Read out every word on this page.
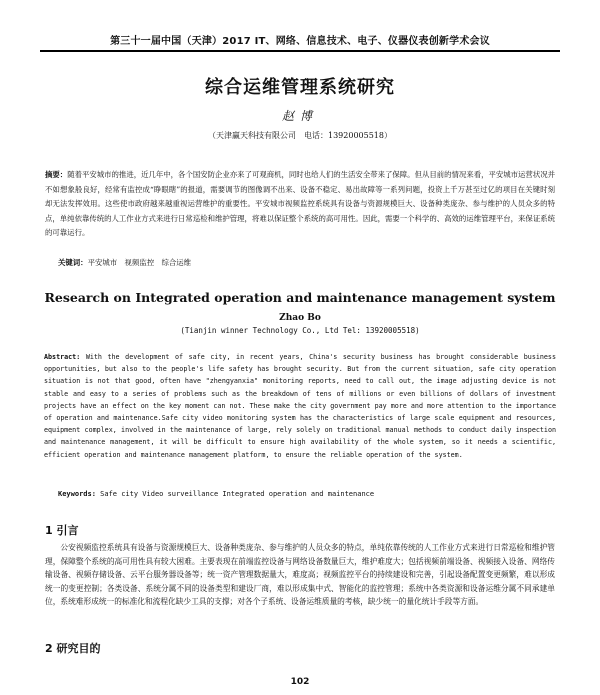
第三十一届中国（天津）2017 IT、网络、信息技术、电子、仪器仪表创新学术会议
综合运维管理系统研究
赵博
（天津赢天科技有限公司　电话：13920005518）
摘要：随着平安城市的推进，近几年中，各个国安防企业亦来了可观商机，同时也给人们的生活安全带来了保障。但从目前的情况来看，平安城市运营状况并不如想象般良好，经常有监控成“睁眼瞎”的报道，需要调节的图像调不出来、设备不稳定、易出故障等一系列问题，投资上千万甚至过亿的项目在关键时刻却无法发挥效用。这些使市政府越来越重视运营维护的重要性。平安城市视频监控系统具有设备与资源规模巨大、设备种类庞杂、参与维护的人员众多的特点，单纯依靠传统的人工作业方式来进行日常巡检和维护管理，将难以保证整个系统的高可用性。因此，需要一个科学的、高效的运维管理平台，来保证系统的可靠运行。
关键词：平安城市　视频监控　综合运维
Research on Integrated operation and maintenance management system
Zhao Bo
(Tianjin winner Technology Co., Ltd Tel: 13920005518)
Abstract: With the development of safe city, in recent years, China's security business has brought considerable business opportunities, but also to the people's life safety has brought security. But from the current situation, safe city operation situation is not that good, often have "zhengyanxia" monitoring reports, need to call out, the image adjusting device is not stable and easy to a series of problems such as the breakdown of tens of millions or even billions of dollars of investment projects have an effect on the key moment can not. These make the city government pay more and more attention to the importance of operation and maintenance.Safe city video monitoring system has the characteristics of large scale equipment and resources, equipment complex, involved in the maintenance of large, rely solely on traditional manual methods to conduct daily inspection and maintenance management, it will be difficult to ensure high availability of the whole system, so it needs a scientific, efficient operation and maintenance management platform, to ensure the reliable operation of the system.
Keywords: Safe city Video surveillance Integrated operation and maintenance
1 引言
公安视频监控系统具有设备与资源规模巨大、设备种类庞杂、参与维护的人员众多的特点，单纯依靠传统的人工作业方式来进行日常巡检和维护管理，保障整个系统的高可用性具有较大困难。主要表现在前端监控设备与网络设备数量巨大，维护难度大；包括视频前端设备、视频接入设备、网络传输设备、视频存储设备、云平台服务器设备等；统一资产管理数据量大，难度高；视频监控平台的持续建设和完善，引起设备配置变更频繁，难以形成统一的变更控制；各类设备、系统分属不同的设备类型和建设厂商，难以形成集中式、智能化的监控管理；系统中各类资源和设备运维分属不同承建单位，系统难形成统一的标准化和流程化缺少工具的支撑；对各个子系统、设备运维质量的考核，缺少统一的量化统计手段等方面。
2 研究目的
102
